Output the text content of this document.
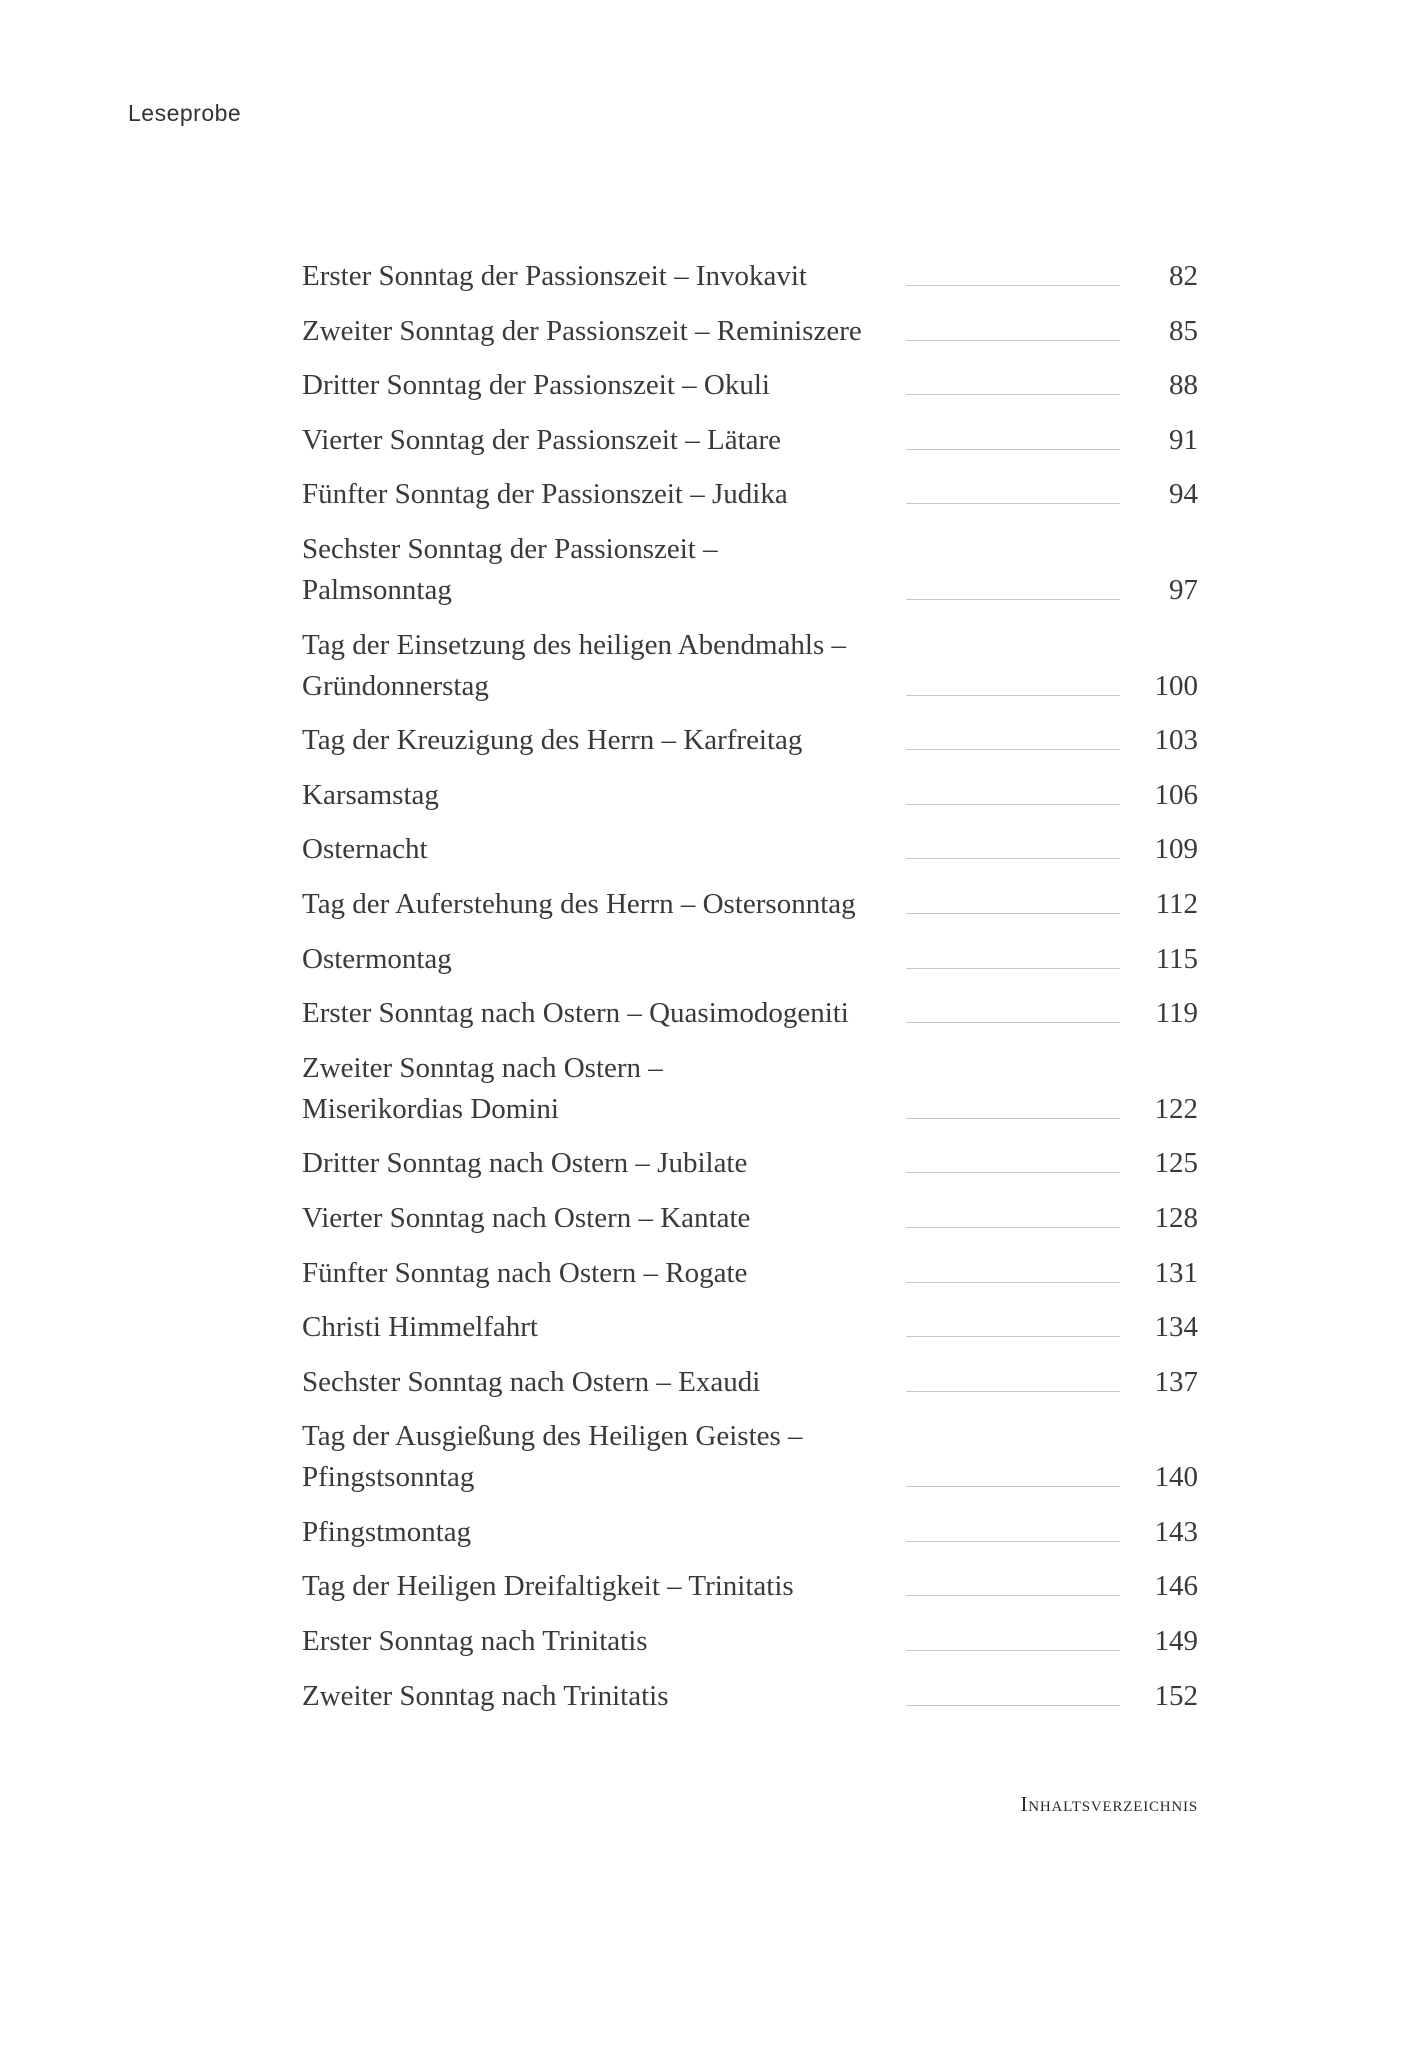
Leseprobe
Erster Sonntag der Passionszeit – Invokavit	82
Zweiter Sonntag der Passionszeit – Reminiszere	85
Dritter Sonntag der Passionszeit – Okuli	88
Vierter Sonntag der Passionszeit – Lätare	91
Fünfter Sonntag der Passionszeit – Judika	94
Sechster Sonntag der Passionszeit –
Palmsonntag	97
Tag der Einsetzung des heiligen Abendmahls –
Gründonnerstag	100
Tag der Kreuzigung des Herrn – Karfreitag	103
Karsamstag	106
Osternacht	109
Tag der Auferstehung des Herrn – Ostersonntag	112
Ostermontag	115
Erster Sonntag nach Ostern – Quasimodogeniti	119
Zweiter Sonntag nach Ostern –
Miserikordias Domini	122
Dritter Sonntag nach Ostern – Jubilate	125
Vierter Sonntag nach Ostern – Kantate	128
Fünfter Sonntag nach Ostern – Rogate	131
Christi Himmelfahrt	134
Sechster Sonntag nach Ostern – Exaudi	137
Tag der Ausgießung des Heiligen Geistes –
Pfingstsonntag	140
Pfingstmontag	143
Tag der Heiligen Dreifaltigkeit – Trinitatis	146
Erster Sonntag nach Trinitatis	149
Zweiter Sonntag nach Trinitatis	152
Inhaltsverzeichnis
